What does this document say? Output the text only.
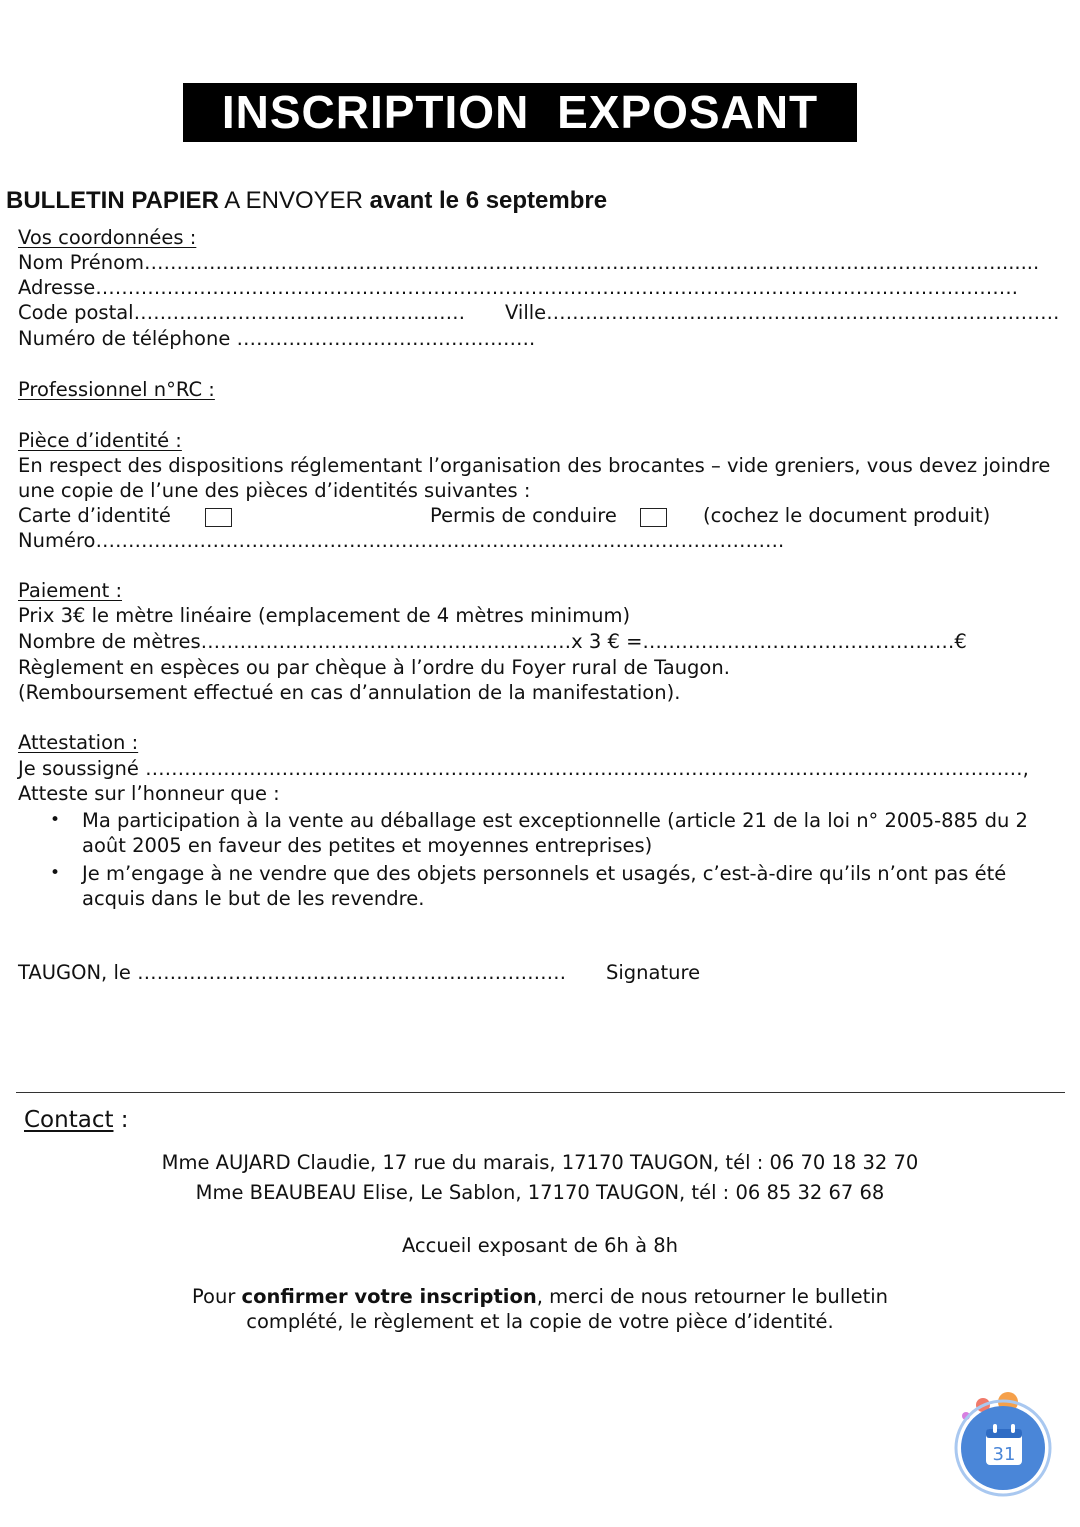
INSCRIPTION EXPOSANT
BULLETIN PAPIER A ENVOYER avant le 6 septembre
Vos coordonnées :
Nom Prénom……………………………………………………………………………………………………………………......
Adresse…………………………………………………………………………………………………………………………….
Code postal…………………………………………… Ville…………………………………………………………………….
Numéro de téléphone ……………………………………….
Professionnel n°RC :
Pièce d’identité :
En respect des dispositions réglementant l’organisation des brocantes – vide greniers, vous devez joindre
une copie de l’une des pièces d’identités suivantes :
Carte d’identité	Permis de conduire	(cochez le document produit)
Numéro…………………………………………………………………………………………….
Paiement :
Prix 3€ le mètre linéaire (emplacement de 4 mètres minimum)
Nombre de mètres…………………………………………………x 3 € =…………………………………………€
Règlement en espèces ou par chèque à l’ordre du Foyer rural de Taugon.
(Remboursement effectué en cas d’annulation de la manifestation).
Attestation :
Je soussigné ………………………………………………………………………………………………………………………,
Atteste sur l’honneur que :
• Ma participation à la vente au déballage est exceptionnelle (article 21 de la loi n° 2005-885 du 2
août 2005 en faveur des petites et moyennes entreprises)
• Je m’engage à ne vendre que des objets personnels et usagés, c’est-à-dire qu’ils n’ont pas été
acquis dans le but de les revendre.
TAUGON, le ………………………………………………………… Signature
Contact :
Mme AUJARD Claudie, 17 rue du marais, 17170 TAUGON, tél : 06 70 18 32 70
Mme BEAUBEAU Elise, Le Sablon, 17170 TAUGON, tél : 06 85 32 67 68
Accueil exposant de 6h à 8h
Pour confirmer votre inscription, merci de nous retourner le bulletin
complété, le règlement et la copie de votre pièce d’identité.
31
